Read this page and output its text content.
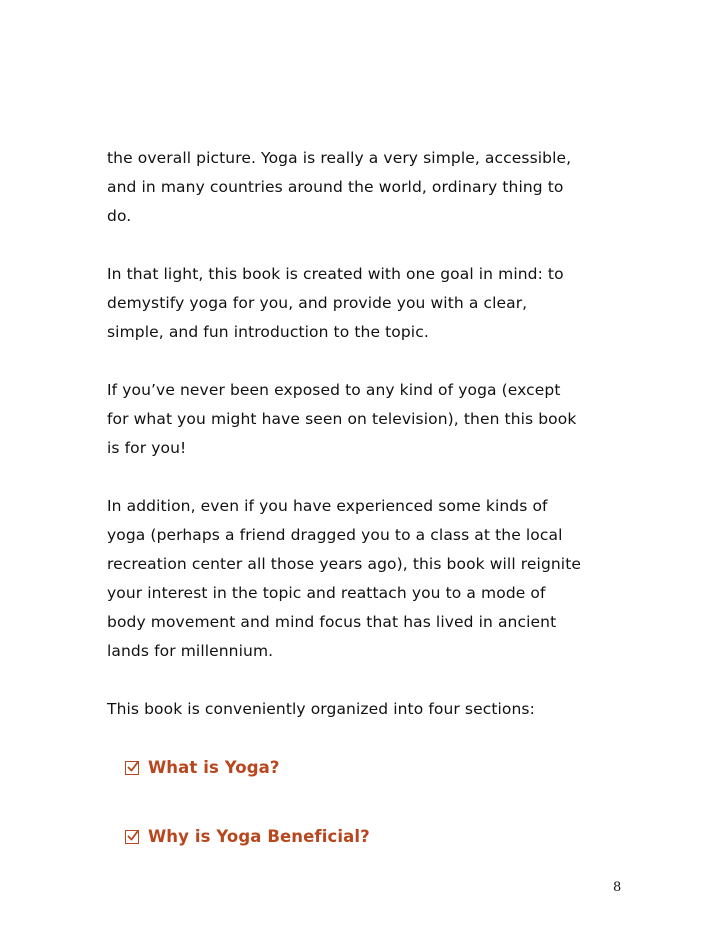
the overall picture. Yoga is really a very simple, accessible,
and in many countries around the world, ordinary thing to
do.

In that light, this book is created with one goal in mind: to
demystify yoga for you, and provide you with a clear,
simple, and fun introduction to the topic.

If you’ve never been exposed to any kind of yoga (except
for what you might have seen on television), then this book
is for you!

In addition, even if you have experienced some kinds of
yoga (perhaps a friend dragged you to a class at the local
recreation center all those years ago), this book will reignite
your interest in the topic and reattach you to a mode of
body movement and mind focus that has lived in ancient
lands for millennium.

This book is conveniently organized into four sections:

What is Yoga?
Why is Yoga Beneficial?
8
